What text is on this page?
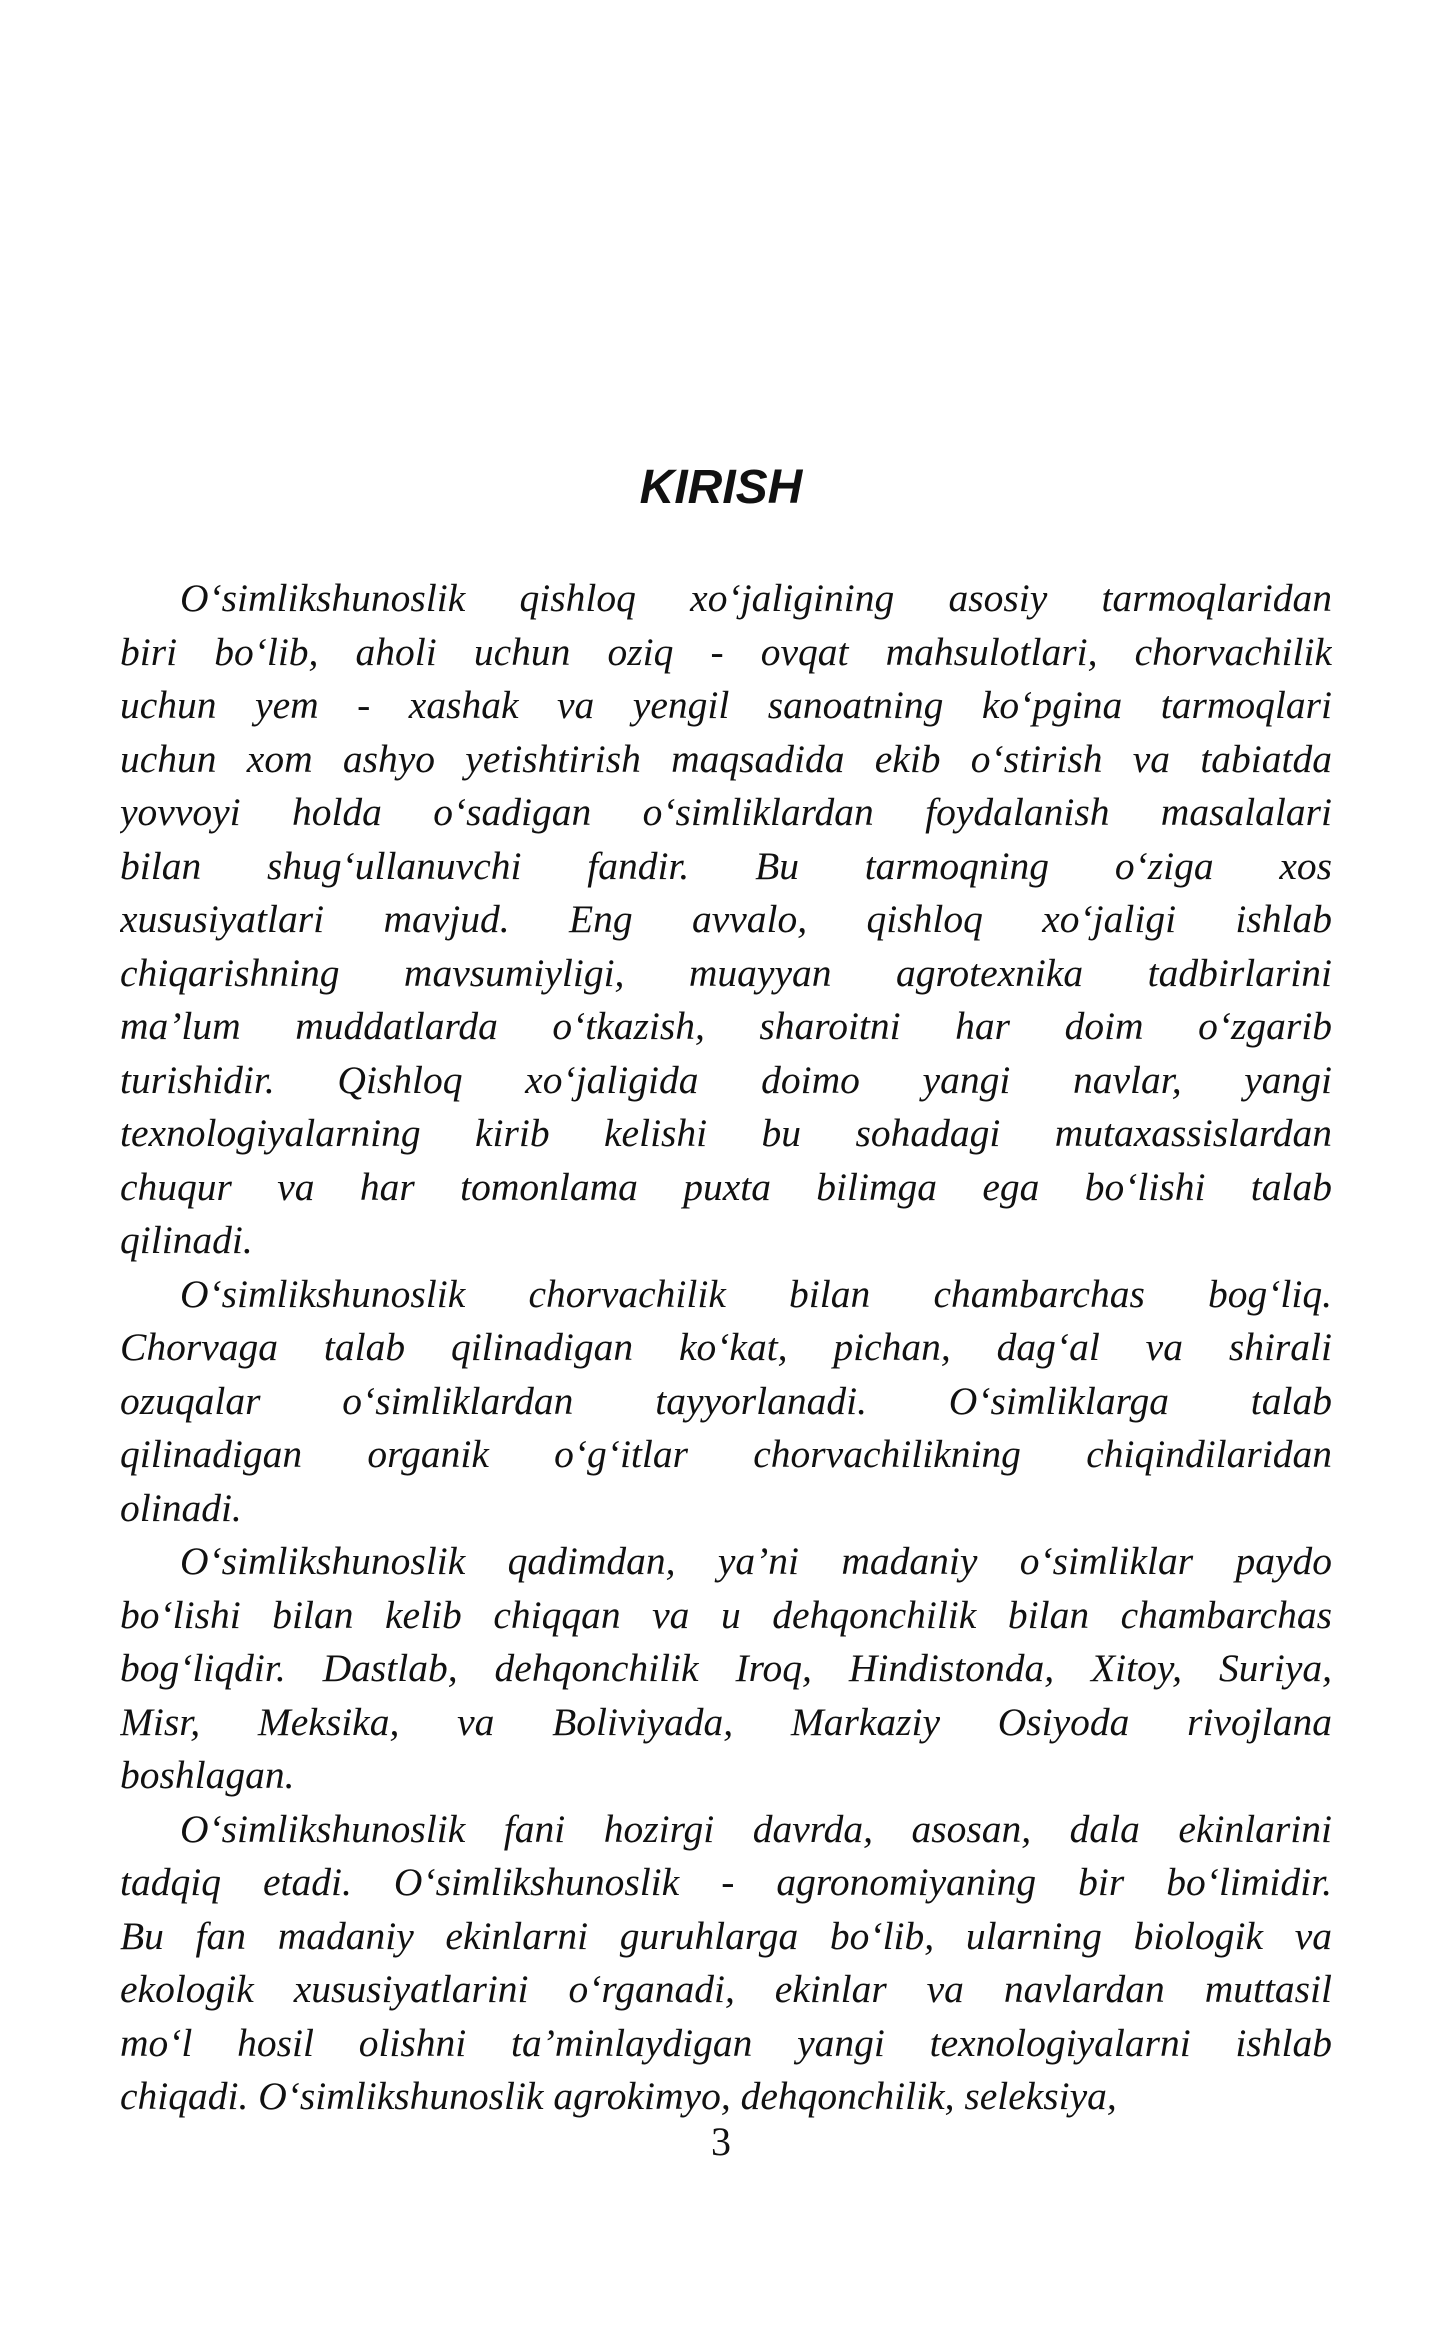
KIRISH
O‘simlikshunoslik qishloq xo‘jaligining asosiy tarmoqlaridan
biri bo‘lib, aholi uchun oziq - ovqat mahsulotlari, chorvachilik
uchun yem - xashak va yengil sanoatning ko‘pgina tarmoqlari
uchun xom ashyo yetishtirish maqsadida ekib o‘stirish va tabiatda
yovvoyi holda o‘sadigan o‘simliklardan foydalanish masalalari
bilan shug‘ullanuvchi fandir. Bu tarmoqning o‘ziga xos
xususiyatlari mavjud. Eng avvalo, qishloq xo‘jaligi ishlab
chiqarishning mavsumiyligi, muayyan agrotexnika tadbirlarini
ma’lum muddatlarda o‘tkazish, sharoitni har doim o‘zgarib
turishidir. Qishloq xo‘jaligida doimo yangi navlar, yangi
texnologiyalarning kirib kelishi bu sohadagi mutaxassislardan
chuqur va har tomonlama puxta bilimga ega bo‘lishi talab
qilinadi.
O‘simlikshunoslik chorvachilik bilan chambarchas bog‘liq.
Chorvaga talab qilinadigan ko‘kat, pichan, dag‘al va shirali
ozuqalar o‘simliklardan tayyorlanadi. O‘simliklarga talab
qilinadigan organik o‘g‘itlar chorvachilikning chiqindilaridan
olinadi.
O‘simlikshunoslik qadimdan, ya’ni madaniy o‘simliklar paydo
bo‘lishi bilan kelib chiqqan va u dehqonchilik bilan chambarchas
bog‘liqdir. Dastlab, dehqonchilik Iroq, Hindistonda, Xitoy, Suriya,
Misr, Meksika, va Boliviyada, Markaziy Osiyoda rivojlana
boshlagan.
O‘simlikshunoslik fani hozirgi davrda, asosan, dala ekinlarini
tadqiq etadi. O‘simlikshunoslik - agronomiyaning bir bo‘limidir.
Bu fan madaniy ekinlarni guruhlarga bo‘lib, ularning biologik va
ekologik xususiyatlarini o‘rganadi, ekinlar va navlardan muttasil
mo‘l hosil olishni ta’minlaydigan yangi texnologiyalarni ishlab
chiqadi. O‘simlikshunoslik agrokimyo, dehqonchilik, seleksiya,
3
